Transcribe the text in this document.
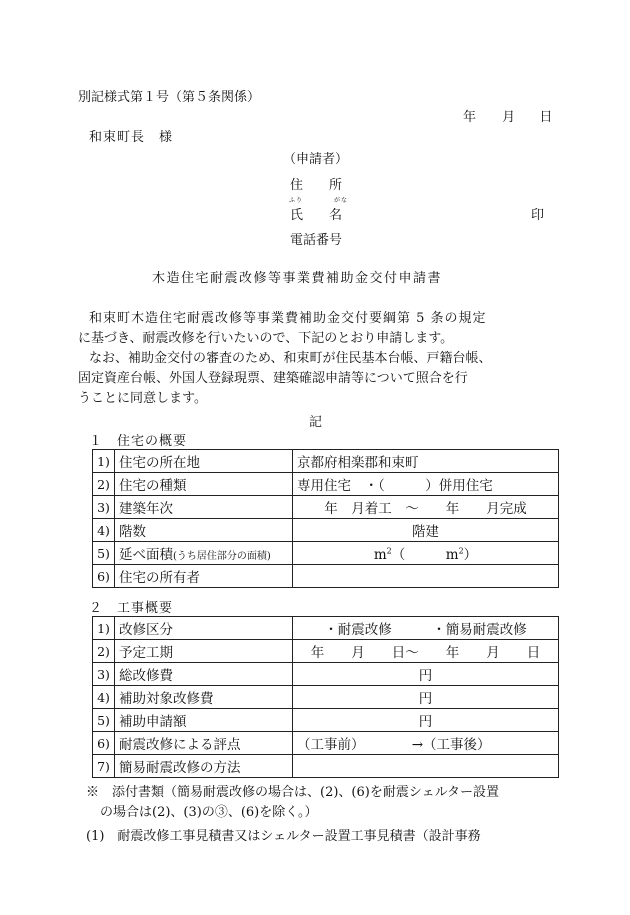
別記様式第１号（第５条関係）
年 月 日
和束町長　様
（申請者）
住　　所
ふり	がな
氏　　名	印
電話番号
木造住宅耐震改修等事業費補助金交付申請書
和束町木造住宅耐震改修等事業費補助金交付要綱第 5 条の規定
に基づき、耐震改修を行いたいので、下記のとおり申請します。
なお、補助金交付の審査のため、和束町が住民基本台帳、戸籍台帳、
固定資産台帳、外国人登録現票、建築確認申請等について照合を行
うことに同意します。
記
１　住宅の概要
1)	住宅の所在地	京都府相楽郡和束町
2)	住宅の種類	専用住宅　・（　　　）併用住宅
3)	建築年次	年　月着工　～　　年　　月完成
4)	階数	階建
5)	延べ面積(うち居住部分の面積)	$m^2$（　　　$m^2$）
6)	住宅の所有者	
２　工事概要
1)	改修区分	・耐震改修　　　・簡易耐震改修
2)	予定工期	年　　月　　日～　　年　　月　　日
3)	総改修費	円
4)	補助対象改修費	円
5)	補助申請額	円
6)	耐震改修による評点	（工事前）　　　　→（工事後）
7)	簡易耐震改修の方法	
※　添付書類（簡易耐震改修の場合は、(2)、(6)を耐震シェルター設置
の場合は(2)、(3)の③、(6)を除く。）
(1)　耐震改修工事見積書又はシェルター設置工事見積書（設計事務
